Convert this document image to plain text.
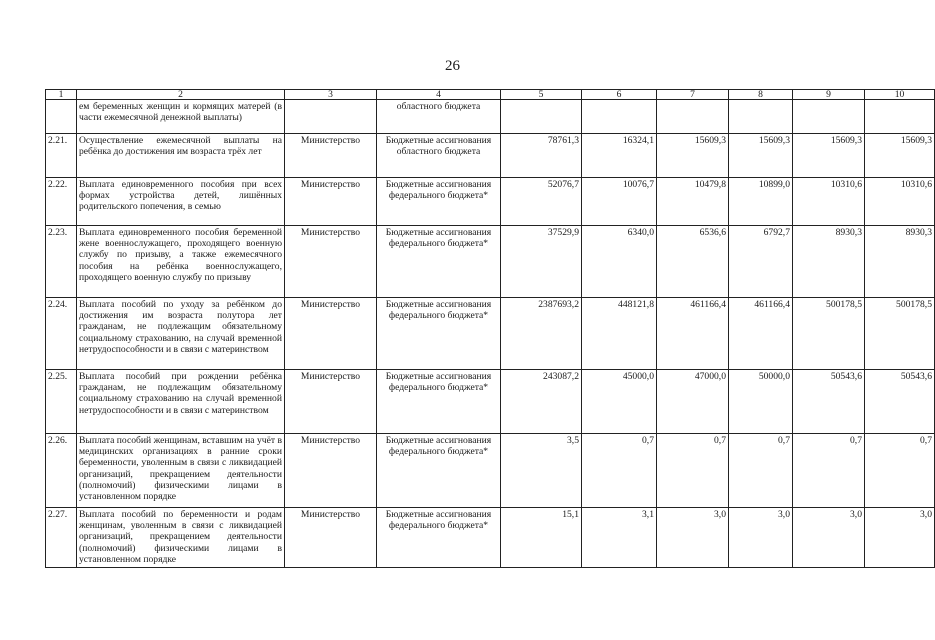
26
1	2	3	4	5	6	7	8	9	10
	ем беременных женщин и кормящих матерей (в части ежемесячной денежной выплаты)		областного бюджета						
2.21.	Осуществление ежемесячной выплаты на ребёнка до достижения им возраста трёх лет	Министерство	Бюджетные ассигнования областного бюджета	78761,3	16324,1	15609,3	15609,3	15609,3	15609,3
2.22.	Выплата единовременного пособия при всех формах устройства детей, лишённых родительского попечения, в семью	Министерство	Бюджетные ассигнования федерального бюджета*	52076,7	10076,7	10479,8	10899,0	10310,6	10310,6
2.23.	Выплата единовременного пособия беременной жене военнослужащего, проходящего военную службу по призыву, а также ежемесячного пособия на ребёнка военнослужащего, проходящего военную службу по призыву	Министерство	Бюджетные ассигнования федерального бюджета*	37529,9	6340,0	6536,6	6792,7	8930,3	8930,3
2.24.	Выплата пособий по уходу за ребёнком до достижения им возраста полутора лет гражданам, не подлежащим обязательному социальному страхованию, на случай временной нетрудоспособности и в связи с материнством	Министерство	Бюджетные ассигнования федерального бюджета*	2387693,2	448121,8	461166,4	461166,4	500178,5	500178,5
2.25.	Выплата пособий при рождении ребёнка гражданам, не подлежащим обязательному социальному страхованию на случай временной нетрудоспособности и в связи с материнством	Министерство	Бюджетные ассигнования федерального бюджета*	243087,2	45000,0	47000,0	50000,0	50543,6	50543,6
2.26.	Выплата пособий женщинам, вставшим на учёт в медицинских организациях в ранние сроки беременности, уволенным в связи с ликвидацией организаций, прекращением деятельности (полномочий) физическими лицами в установленном порядке	Министерство	Бюджетные ассигнования федерального бюджета*	3,5	0,7	0,7	0,7	0,7	0,7
2.27.	Выплата пособий по беременности и родам женщинам, уволенным в связи с ликвидацией организаций, прекращением деятельности (полномочий) физическими лицами в установленном порядке	Министерство	Бюджетные ассигнования федерального бюджета*	15,1	3,1	3,0	3,0	3,0	3,0
